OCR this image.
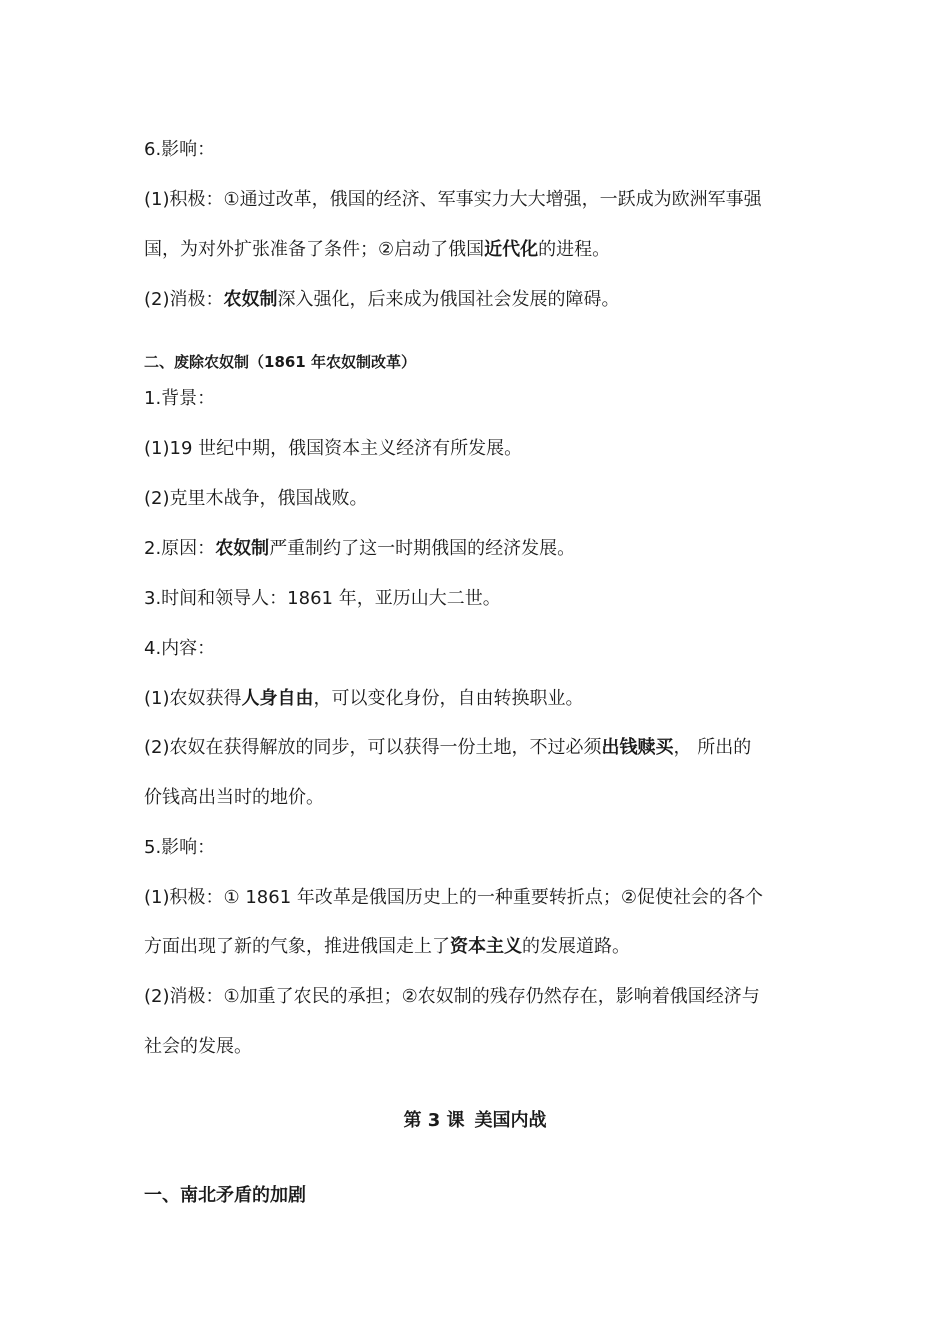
6.影响：
(1)积极：①通过改革，俄国的经济、军事实力大大增强，一跃成为欧洲军事强
国，为对外扩张准备了条件；②启动了俄国近代化的进程。
(2)消极：农奴制深入强化，后来成为俄国社会发展的障碍。
二、废除农奴制（1861 年农奴制改革）
1.背景：
(1)19 世纪中期，俄国资本主义经济有所发展。
(2)克里木战争，俄国战败。
2.原因：农奴制严重制约了这一时期俄国的经济发展。
3.时间和领导人：1861 年，亚历山大二世。
4.内容：
(1)农奴获得人身自由，可以变化身份，自由转换职业。
(2)农奴在获得解放的同步，可以获得一份土地，不过必须出钱赎买， 所出的
价钱高出当时的地价。
5.影响：
(1)积极：① 1861 年改革是俄国历史上的一种重要转折点；②促使社会的各个
方面出现了新的气象，推进俄国走上了资本主义的发展道路。
(2)消极：①加重了农民的承担；②农奴制的残存仍然存在，影响着俄国经济与
社会的发展。
第 3 课 美国内战
一、南北矛盾的加剧
